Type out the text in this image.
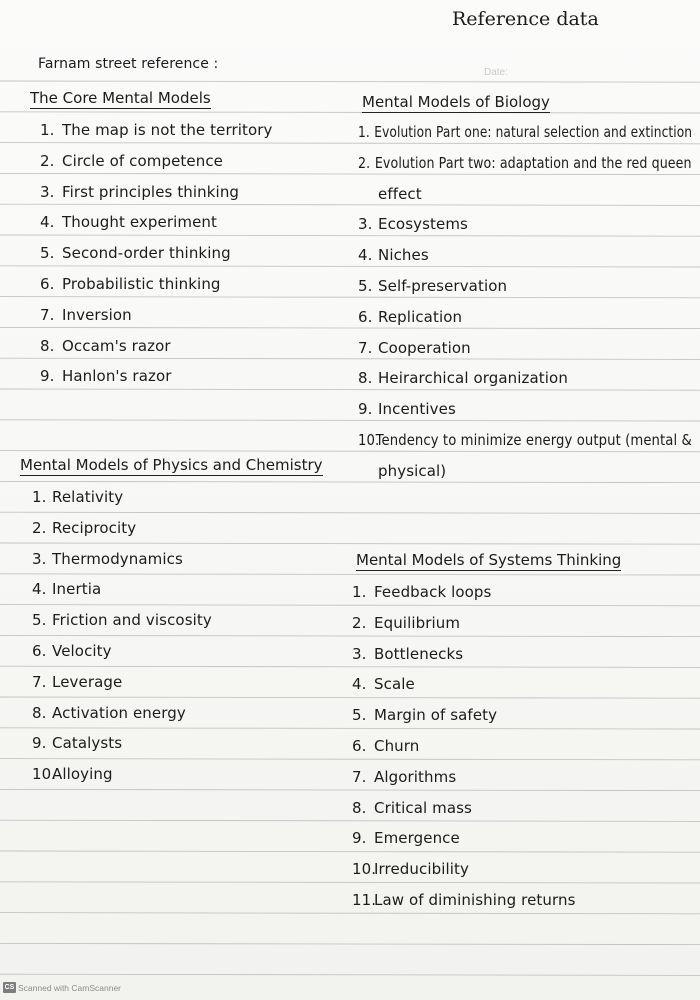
Reference data
Date:
Farnam street reference :
The Core Mental Models
1. The map is not the territory
2. Circle of competence
3. First principles thinking
4. Thought experiment
5. Second-order thinking
6. Probabilistic thinking
7. Inversion
8. Occam's razor
9. Hanlon's razor
Mental Models of Biology
1. Evolution Part one: natural selection and extinction
2. Evolution Part two: adaptation and the red queen
effect
3. Ecosystems
4. Niches
5. Self-preservation
6. Replication
7. Cooperation
8. Heirarchical organization
9. Incentives
10.Tendency to minimize energy output (mental &
physical)
Mental Models of Physics and Chemistry
1. Relativity
2. Reciprocity
3. Thermodynamics
4. Inertia
5. Friction and viscosity
6. Velocity
7. Leverage
8. Activation energy
9. Catalysts
10.Alloying
Mental Models of Systems Thinking
1. Feedback loops
2. Equilibrium
3. Bottlenecks
4. Scale
5. Margin of safety
6. Churn
7. Algorithms
8. Critical mass
9. Emergence
10.Irreducibility
11.Law of diminishing returns
CS Scanned with CamScanner
